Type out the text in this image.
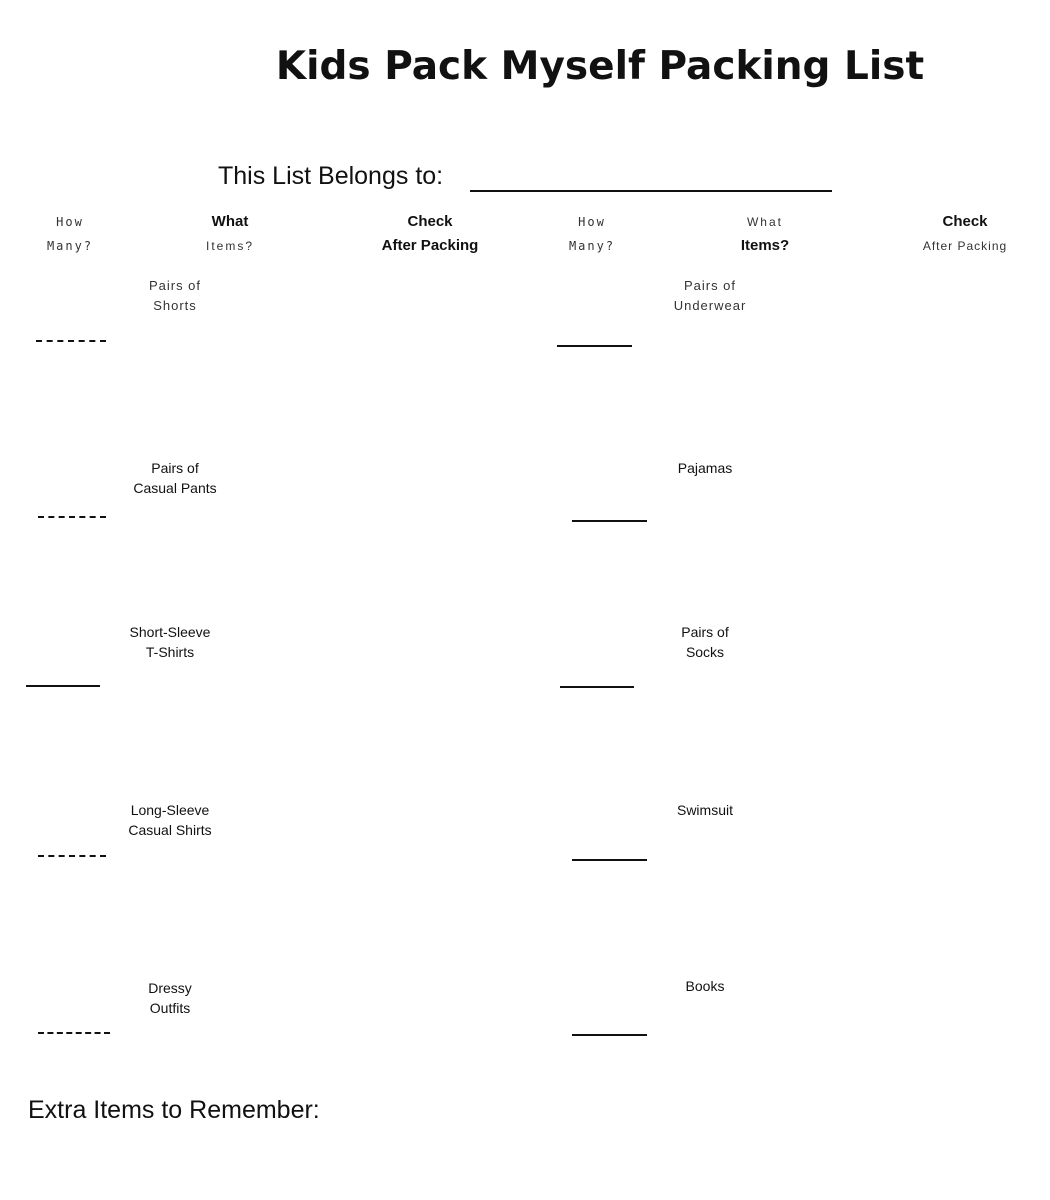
Kids Pack Myself Packing List
This List Belongs to:
How
Many?
What
Items?
Check
After Packing
How
Many?
What
Items?
Check
After Packing
Pairs of
Shorts
Pairs of
Casual Pants
Short-Sleeve
T-Shirts
Long-Sleeve
Casual Shirts
Dressy
Outfits
Pairs of
Underwear
Pajamas
Pairs of
Socks
Swimsuit
Books
Extra Items to Remember:
